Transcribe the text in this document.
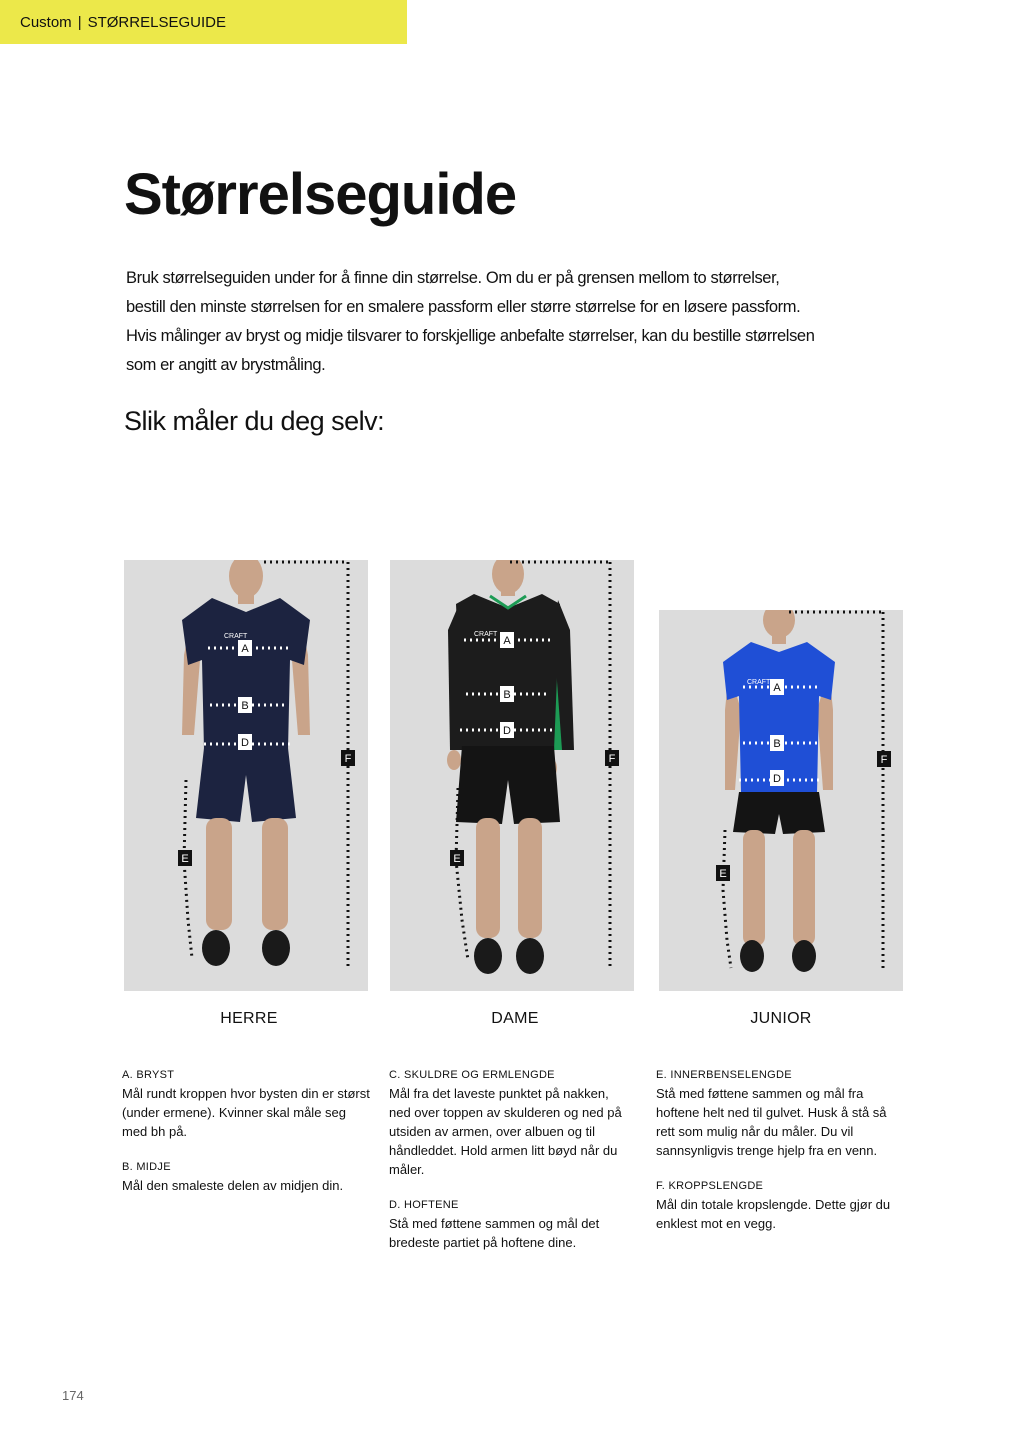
Custom | STØRRELSEGUIDE
Størrelseguide

Bruk størrelseguiden under for å finne din størrelse. Om du er på grensen mellom to størrelser, bestill den minste størrelsen for en smalere passform eller større størrelse for en løsere passform. Hvis målinger av bryst og midje tilsvarer to forskjellige anbefalte størrelser, kan du bestille størrelsen som er angitt av brystmåling.

Slik måler du deg selv:
CRAFT
A
B
D
E
F
CRAFT
A
B
D
E
F
CRAFT A
B
D
E
F
HERRE	DAME	JUNIOR

A. BRYST

Mål rundt kroppen hvor bysten din er størst (under ermene). Kvinner skal måle seg med bh på.

B. MIDJE

Mål den smaleste delen av midjen din.

C. SKULDRE OG ERMLENGDE

Mål fra det laveste punktet på nakken, ned over toppen av skulderen og ned på utsiden av armen, over albuen og til håndleddet. Hold armen litt bøyd når du måler.

D. HOFTENE

Stå med føttene sammen og mål det bredeste partiet på hoftene dine.

E. INNERBENSELENGDE

Stå med føttene sammen og mål fra hoftene helt ned til gulvet. Husk å stå så rett som mulig når du måler. Du vil sannsynligvis trenge hjelp fra en venn.

F. KROPPSLENGDE

Mål din totale kropslengde. Dette gjør du enklest mot en vegg.

174
